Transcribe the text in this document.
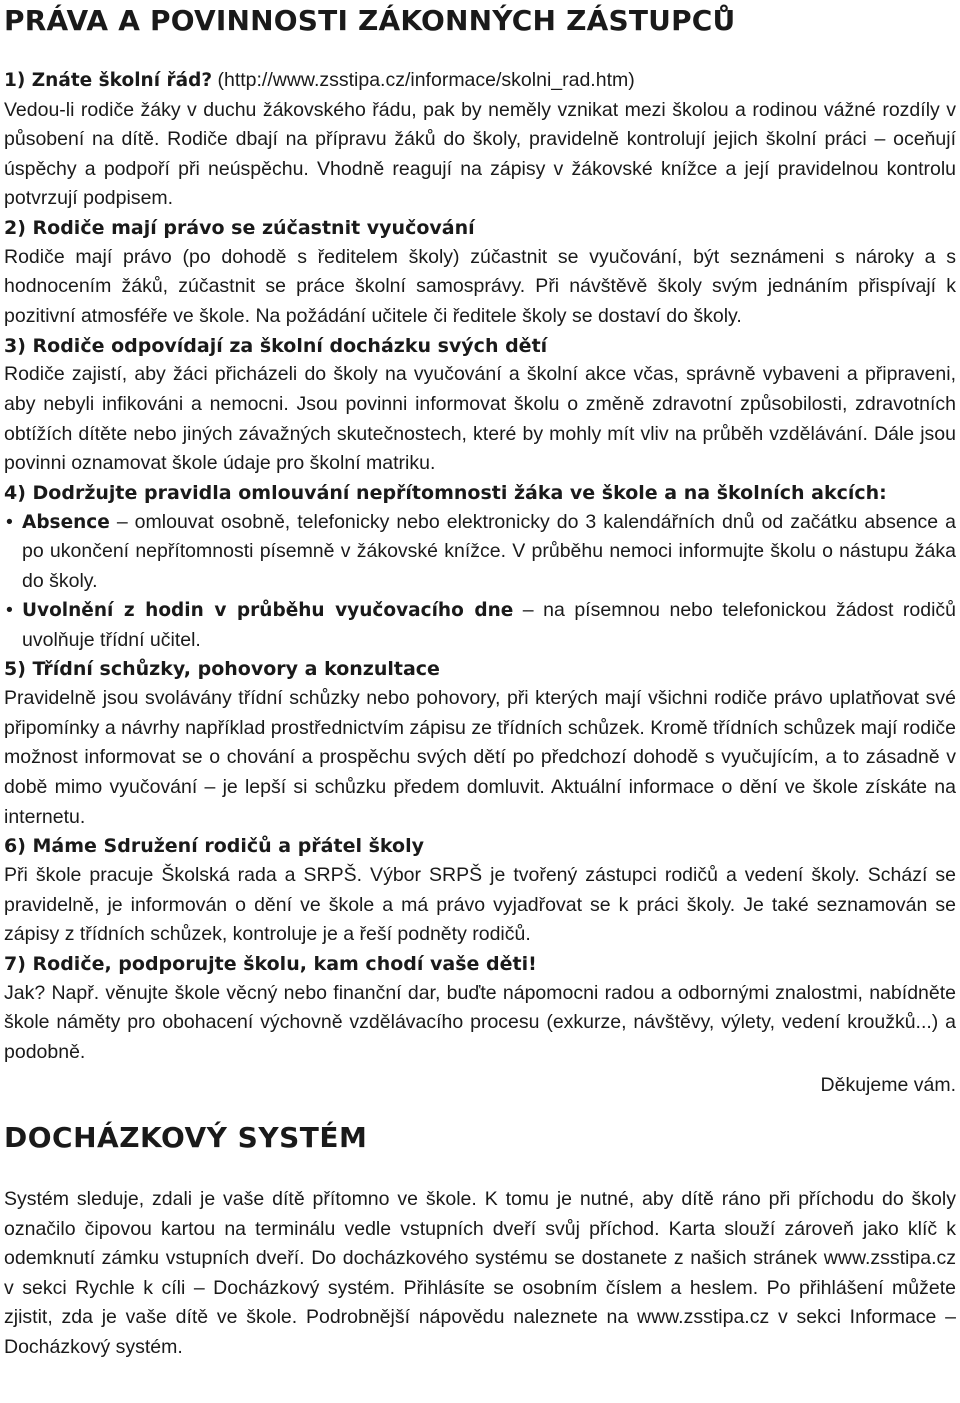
PRÁVA A POVINNOSTI ZÁKONNÝCH ZÁSTUPCŮ

1) Znáte školní řád? (http://www.zsstipa.cz/informace/skolni_rad.htm)

Vedou-li rodiče žáky v duchu žákovského řádu, pak by neměly vznikat mezi školou a rodinou vážné rozdíly v působení na dítě. Rodiče dbají na přípravu žáků do školy, pravidelně kontrolují jejich školní práci – oceňují úspěchy a podpoří při neúspěchu. Vhodně reagují na zápisy v žákovské knížce a její pravidelnou kontrolu potvrzují podpisem.

2) Rodiče mají právo se zúčastnit vyučování

Rodiče mají právo (po dohodě s ředitelem školy) zúčastnit se vyučování, být seznámeni s nároky a s hodnocením žáků, zúčastnit se práce školní samosprávy. Při návštěvě školy svým jednáním přispívají k pozitivní atmosféře ve škole. Na požádání učitele či ředitele školy se dostaví do školy.

3) Rodiče odpovídají za školní docházku svých dětí

Rodiče zajistí, aby žáci přicházeli do školy na vyučování a školní akce včas, správně vybaveni a připraveni, aby nebyli infikováni a nemocni. Jsou povinni informovat školu o změně zdravotní způsobilosti, zdravotních obtížích dítěte nebo jiných závažných skutečnostech, které by mohly mít vliv na průběh vzdělávání. Dále jsou povinni oznamovat škole údaje pro školní matriku.

4) Dodržujte pravidla omlouvání nepřítomnosti žáka ve škole a na školních akcích:

• Absence – omlouvat osobně, telefonicky nebo elektronicky do 3 kalendářních dnů od začátku absence a po ukončení nepřítomnosti písemně v žákovské knížce. V průběhu nemoci informujte školu o nástupu žáka do školy.

• Uvolnění z hodin v průběhu vyučovacího dne – na písemnou nebo telefonickou žádost rodičů uvolňuje třídní učitel.

5) Třídní schůzky, pohovory a konzultace

Pravidelně jsou svolávány třídní schůzky nebo pohovory, při kterých mají všichni rodiče právo uplatňovat své připomínky a návrhy například prostřednictvím zápisu ze třídních schůzek. Kromě třídních schůzek mají rodiče možnost informovat se o chování a prospěchu svých dětí po předchozí dohodě s vyučujícím, a to zásadně v době mimo vyučování – je lepší si schůzku předem domluvit. Aktuální informace o dění ve škole získáte na internetu.

6) Máme Sdružení rodičů a přátel školy

Při škole pracuje Školská rada a SRPŠ. Výbor SRPŠ je tvořený zástupci rodičů a vedení školy. Schází se pravidelně, je informován o dění ve škole a má právo vyjadřovat se k práci školy. Je také seznamován se zápisy z třídních schůzek, kontroluje je a řeší podněty rodičů.

7) Rodiče, podporujte školu, kam chodí vaše děti!

Jak? Např. věnujte škole věcný nebo finanční dar, buďte nápomocni radou a odbornými znalostmi, nabídněte škole náměty pro obohacení výchovně vzdělávacího procesu (exkurze, návštěvy, výlety, vedení kroužků...) a podobně.

Děkujeme vám.

DOCHÁZKOVÝ SYSTÉM

Systém sleduje, zdali je vaše dítě přítomno ve škole. K tomu je nutné, aby dítě ráno při příchodu do školy označilo čipovou kartou na terminálu vedle vstupních dveří svůj příchod. Karta slouží zároveň jako klíč k odemknutí zámku vstupních dveří. Do docházkového systému se dostanete z našich stránek www.zsstipa.cz v sekci Rychle k cíli – Docházkový systém. Přihlásíte se osobním číslem a heslem. Po přihlášení můžete zjistit, zda je vaše dítě ve škole. Podrobnější nápovědu naleznete na www.zsstipa.cz v sekci Informace – Docházkový systém.
